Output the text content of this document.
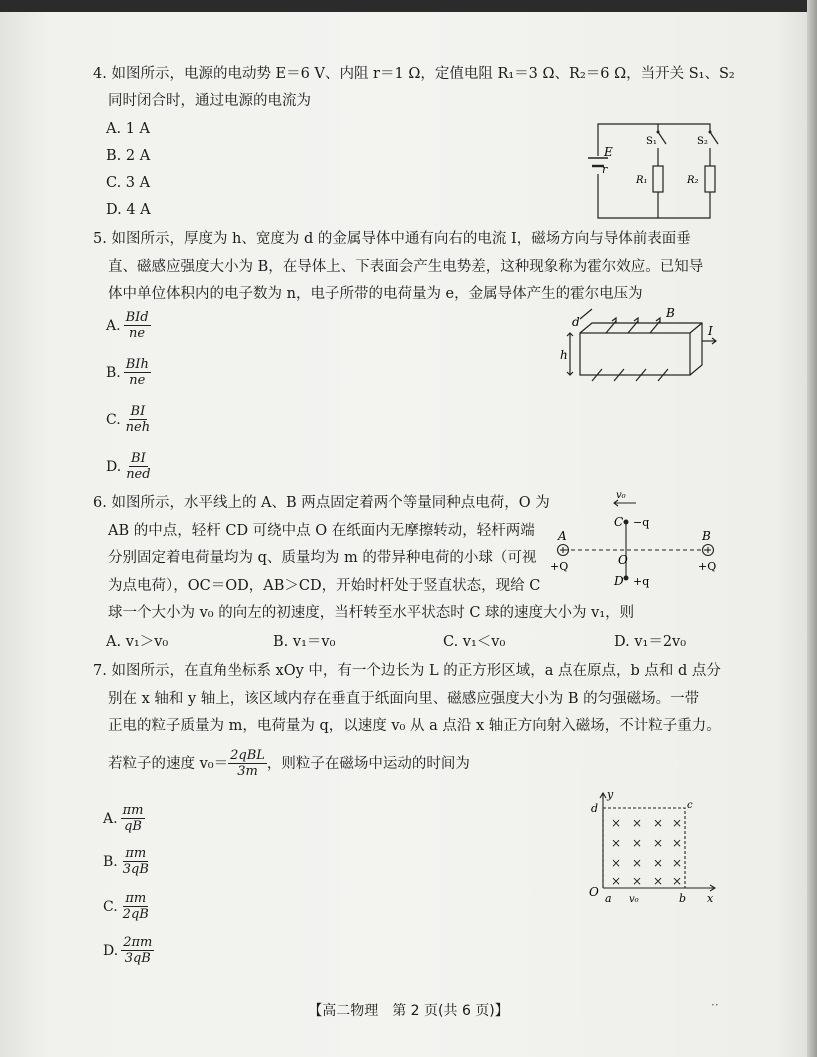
4. 如图所示，电源的电动势 E＝6 V、内阻 r＝1 Ω，定值电阻 R₁＝3 Ω、R₂＝6 Ω，当开关 S₁、S₂
同时闭合时，通过电源的电流为
A. 1 A
B. 2 A
C. 3 A
D. 4 A
E
r
S₁	S₂
R₁	R₂
5. 如图所示，厚度为 h、宽度为 d 的金属导体中通有向右的电流 I，磁场方向与导体前表面垂
直、磁感应强度大小为 B，在导体上、下表面会产生电势差，这种现象称为霍尔效应。已知导
体中单位体积内的电子数为 n，电子所带的电荷量为 e，金属导体产生的霍尔电压为
A. $\frac{\text{BId}}{ne}$
B. $\frac{\text{BIh}}{ne}$
C. $\frac{BI}{\text{neh}}$
D. $\frac{BI}{\text{ned}}$
d
h
B
I
6. 如图所示，水平线上的 A、B 两点固定着两个等量同种点电荷，O 为
AB 的中点，轻杆 CD 可绕中点 O 在纸面内无摩擦转动，轻杆两端
分别固定着电荷量均为 q、质量均为 m 的带异种电荷的小球（可视
为点电荷），OC＝OD，AB＞CD，开始时杆处于竖直状态，现给 C
球一个大小为 v₀ 的向左的初速度，当杆转至水平状态时 C 球的速度大小为 v₁，则
A. v₁＞v₀	B. v₁＝v₀	C. v₁＜v₀	D. v₁＝2v₀
v₀
C −q
A	B
+Q	+Q
O
D +q
7. 如图所示，在直角坐标系 xOy 中，有一个边长为 L 的正方形区域，a 点在原点，b 点和 d 点分
别在 x 轴和 y 轴上，该区域内存在垂直于纸面向里、磁感应强度大小为 B 的匀强磁场。一带
正电的粒子质量为 m，电荷量为 q，以速度 v₀ 从 a 点沿 x 轴正方向射入磁场，不计粒子重力。
若粒子的速度 $v_0= \frac{\text{2qBL}}{3m}$ ，则粒子在磁场中运动的时间为
A. $\frac{\pi m}{qB}$
B. $\frac{\pi m}{3qB}$
C. $\frac{\pi m}{2qB}$
D. $\frac{2\pi m}{3qB}$
× × × ×
× × × ×
× × × ×
× × × ×
y
d	c
O a v₀	b x
【高二物理　第 2 页(共 6 页)】	··
